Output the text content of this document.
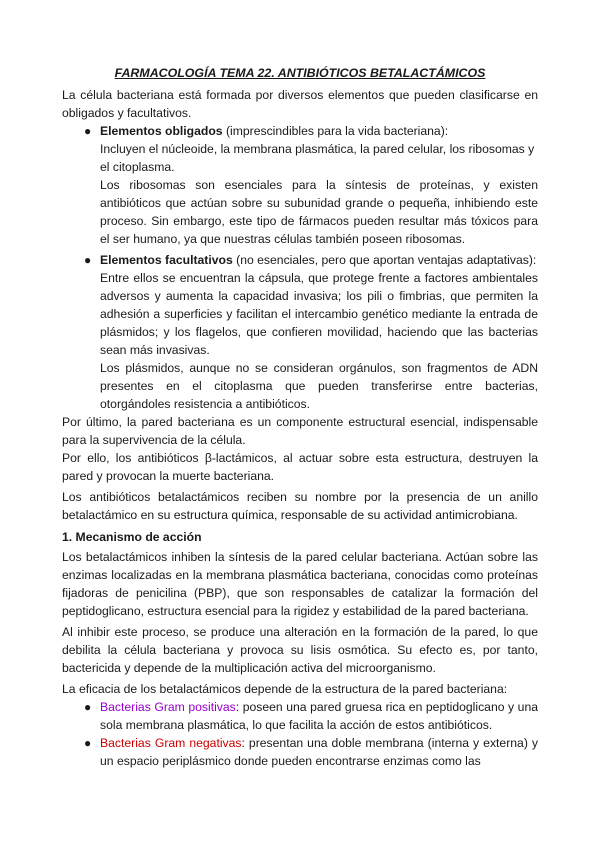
FARMACOLOGÍA TEMA 22. ANTIBIÓTICOS BETALACTÁMICOS

La célula bacteriana está formada por diversos elementos que pueden clasificarse en obligados y facultativos.

● Elementos obligados (imprescindibles para la vida bacteriana):

Incluyen el núcleoide, la membrana plasmática, la pared celular, los ribosomas y el citoplasma.

Los ribosomas son esenciales para la síntesis de proteínas, y existen antibióticos que actúan sobre su subunidad grande o pequeña, inhibiendo este proceso. Sin embargo, este tipo de fármacos pueden resultar más tóxicos para el ser humano, ya que nuestras células también poseen ribosomas.

● Elementos facultativos (no esenciales, pero que aportan ventajas adaptativas):

Entre ellos se encuentran la cápsula, que protege frente a factores ambientales adversos y aumenta la capacidad invasiva; los pili o fimbrias, que permiten la adhesión a superficies y facilitan el intercambio genético mediante la entrada de plásmidos; y los flagelos, que confieren movilidad, haciendo que las bacterias sean más invasivas.

Los plásmidos, aunque no se consideran orgánulos, son fragmentos de ADN presentes en el citoplasma que pueden transferirse entre bacterias, otorgándoles resistencia a antibióticos.

Por último, la pared bacteriana es un componente estructural esencial, indispensable para la supervivencia de la célula.

Por ello, los antibióticos β-lactámicos, al actuar sobre esta estructura, destruyen la pared y provocan la muerte bacteriana.

Los antibióticos betalactámicos reciben su nombre por la presencia de un anillo betalactámico en su estructura química, responsable de su actividad antimicrobiana.

1. Mecanismo de acción

Los betalactámicos inhiben la síntesis de la pared celular bacteriana. Actúan sobre las enzimas localizadas en la membrana plasmática bacteriana, conocidas como proteínas fijadoras de penicilina (PBP), que son responsables de catalizar la formación del peptidoglicano, estructura esencial para la rigidez y estabilidad de la pared bacteriana.

Al inhibir este proceso, se produce una alteración en la formación de la pared, lo que debilita la célula bacteriana y provoca su lisis osmótica. Su efecto es, por tanto, bactericida y depende de la multiplicación activa del microorganismo.

La eficacia de los betalactámicos depende de la estructura de la pared bacteriana:

● Bacterias Gram positivas: poseen una pared gruesa rica en peptidoglicano y una sola membrana plasmática, lo que facilita la acción de estos antibióticos.

● Bacterias Gram negativas: presentan una doble membrana (interna y externa) y un espacio periplásmico donde pueden encontrarse enzimas como las
